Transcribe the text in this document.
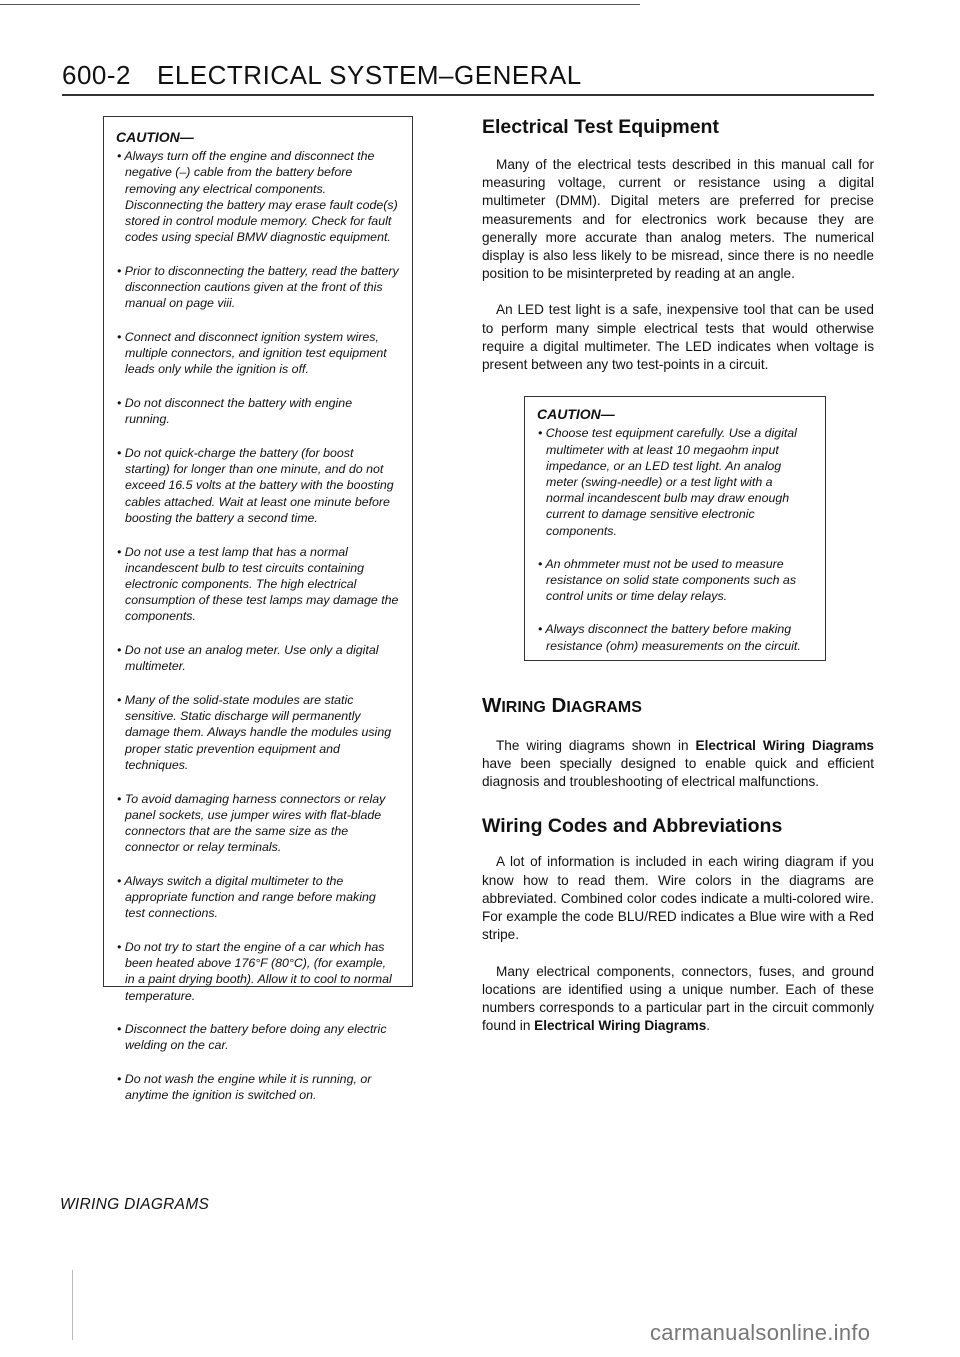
600-2 ELECTRICAL SYSTEM–GENERAL
CAUTION—

• Always turn off the engine and disconnect the negative (–) cable from the battery before removing any electrical components. Disconnecting the battery may erase fault code(s) stored in control module memory. Check for fault codes using special BMW diagnostic equipment.

• Prior to disconnecting the battery, read the battery disconnection cautions given at the front of this manual on page viii.

• Connect and disconnect ignition system wires, multiple connectors, and ignition test equipment leads only while the ignition is off.

• Do not disconnect the battery with engine running.

• Do not quick-charge the battery (for boost starting) for longer than one minute, and do not exceed 16.5 volts at the battery with the boosting cables attached. Wait at least one minute before boosting the battery a second time.

• Do not use a test lamp that has a normal incandescent bulb to test circuits containing electronic components. The high electrical consumption of these test lamps may damage the components.

• Do not use an analog meter. Use only a digital multimeter.

• Many of the solid-state modules are static sensitive. Static discharge will permanently damage them. Always handle the modules using proper static prevention equipment and techniques.

• To avoid damaging harness connectors or relay panel sockets, use jumper wires with flat-blade connectors that are the same size as the connector or relay terminals.

• Always switch a digital multimeter to the appropriate function and range before making test connections.

• Do not try to start the engine of a car which has been heated above 176°F (80°C), (for example, in a paint drying booth). Allow it to cool to normal temperature.

• Disconnect the battery before doing any electric welding on the car.

• Do not wash the engine while it is running, or anytime the ignition is switched on.

Electrical Test Equipment

Many of the electrical tests described in this manual call for measuring voltage, current or resistance using a digital multimeter (DMM). Digital meters are preferred for precise measurements and for electronics work because they are generally more accurate than analog meters. The numerical display is also less likely to be misread, since there is no needle position to be misinterpreted by reading at an angle.

An LED test light is a safe, inexpensive tool that can be used to perform many simple electrical tests that would otherwise require a digital multimeter. The LED indicates when voltage is present between any two test-points in a circuit.

CAUTION—

• Choose test equipment carefully. Use a digital multimeter with at least 10 megaohm input impedance, or an LED test light. An analog meter (swing-needle) or a test light with a normal incandescent bulb may draw enough current to damage sensitive electronic components.

• An ohmmeter must not be used to measure resistance on solid state components such as control units or time delay relays.

• Always disconnect the battery before making resistance (ohm) measurements on the circuit.

WIRING DIAGRAMS

The wiring diagrams shown in Electrical Wiring Diagrams have been specially designed to enable quick and efficient diagnosis and troubleshooting of electrical malfunctions.

Wiring Codes and Abbreviations

A lot of information is included in each wiring diagram if you know how to read them. Wire colors in the diagrams are abbreviated. Combined color codes indicate a multi-colored wire. For example the code BLU/RED indicates a Blue wire with a Red stripe.

Many electrical components, connectors, fuses, and ground locations are identified using a unique number. Each of these numbers corresponds to a particular part in the circuit commonly found in Electrical Wiring Diagrams.

WIRING DIAGRAMS
carmanualsonline.info
